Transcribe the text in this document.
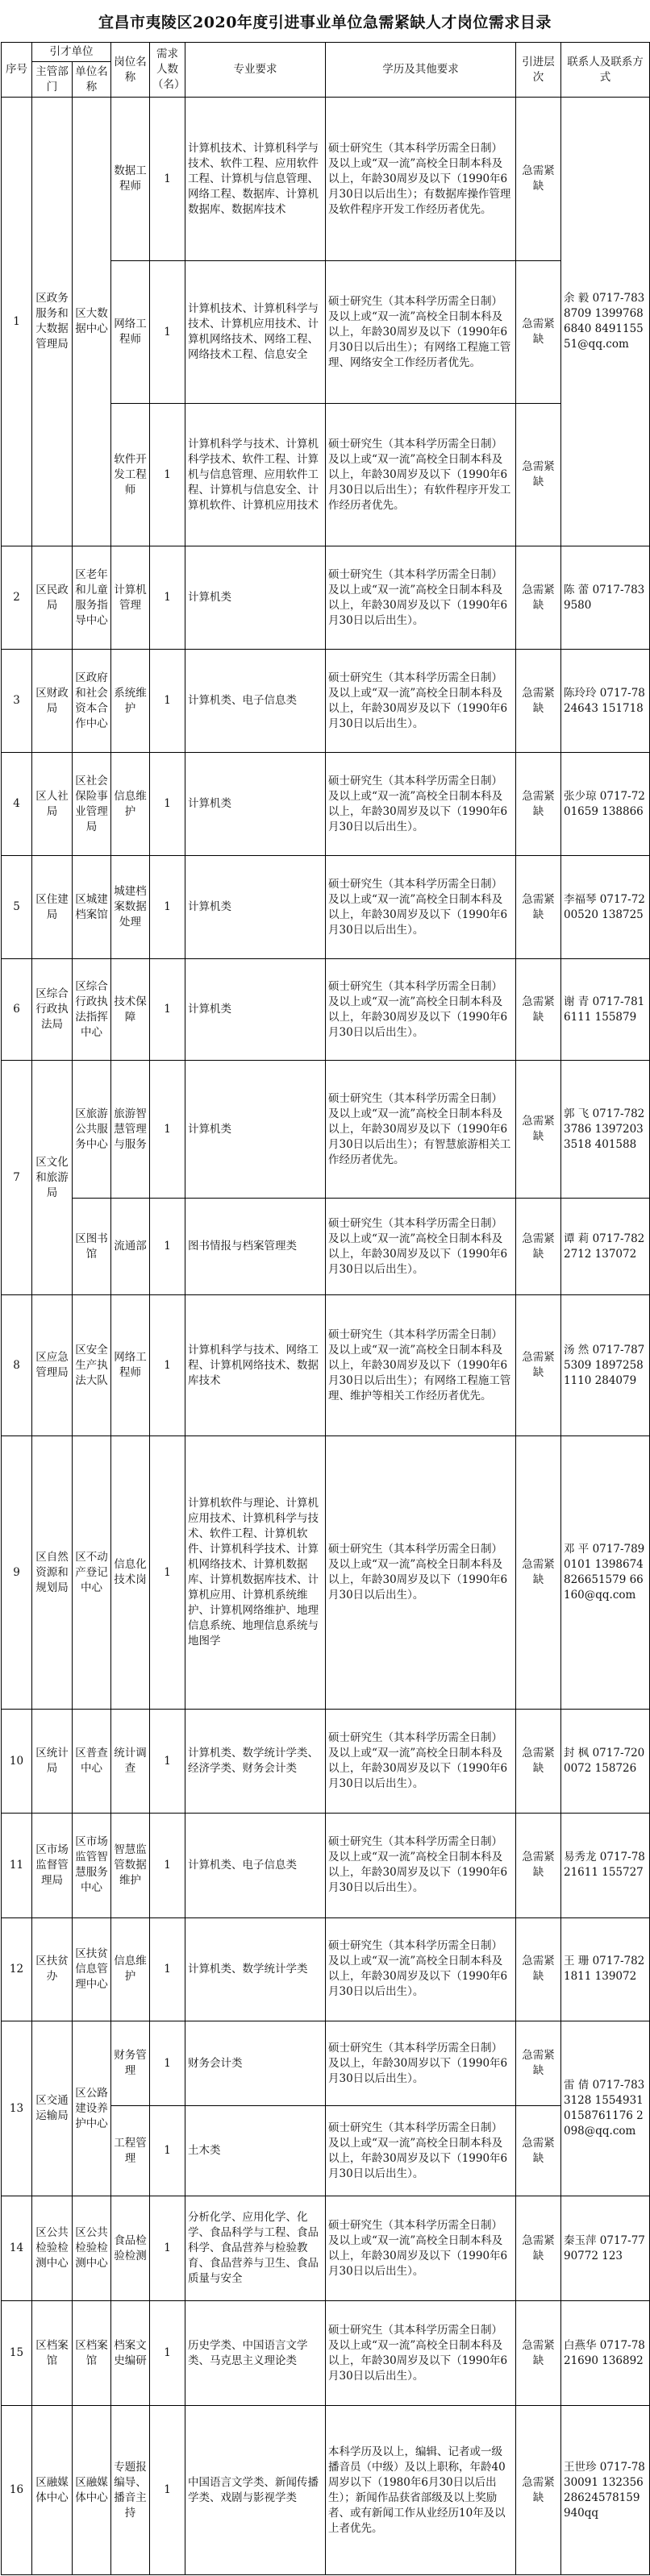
宜昌市夷陵区2020年度引进事业单位急需紧缺人才岗位需求目录
序号	引才单位		岗位名称	需求人数（名）	专业要求	学历及其他要求	引进层次	联系人及联系方式
	主管部门	单位名称						
1	区政务服务和大数据管理局	区大数据中心	数据工程师	1	计算机技术、计算机科学与技术、软件工程、应用软件工程、计算机与信息管理、网络工程、数据库、计算机数据库、数据库技术	硕士研究生（其本科学历需全日制）及以上或“双一流”高校全日制本科及以上，年龄30周岁及以下（1990年6月30日以后出生）；有数据库操作管理及软件程序开发工作经历者优先。	急需紧缺	余 毅 0717-7838709 13997686840 849115551@qq.com
			网络工程师	1	计算机技术、计算机科学与技术、计算机应用技术、计算机网络技术、网络工程、网络技术工程、信息安全	硕士研究生（其本科学历需全日制）及以上或“双一流”高校全日制本科及以上，年龄30周岁及以下（1990年6月30日以后出生）；有网络工程施工管理、网络安全工作经历者优先。	急需紧缺	
			软件开发工程师	1	计算机科学与技术、计算机科学技术、软件工程、计算机与信息管理、应用软件工程、计算机与信息安全、计算机软件、计算机应用技术	硕士研究生（其本科学历需全日制）及以上或“双一流”高校全日制本科及以上，年龄30周岁及以下（1990年6月30日以后出生）；有软件程序开发工作经历者优先。	急需紧缺	
2	区民政局	区老年和儿童服务指导中心	计算机管理	1	计算机类	硕士研究生（其本科学历需全日制）及以上或“双一流”高校全日制本科及以上，年龄30周岁及以下（1990年6月30日以后出生）。	急需紧缺	陈 蕾 0717-7839580
3	区财政局	区政府和社会资本合作中心	系统维护	1	计算机类、电子信息类	硕士研究生（其本科学历需全日制）及以上或“双一流”高校全日制本科及以上，年龄30周岁及以下（1990年6月30日以后出生）。	急需紧缺	陈玲玲 0717-7824643 151718
4	区人社局	区社会保险事业管理局	信息维护	1	计算机类	硕士研究生（其本科学历需全日制）及以上或“双一流”高校全日制本科及以上，年龄30周岁及以下（1990年6月30日以后出生）。	急需紧缺	张少琼 0717-7201659 138866
5	区住建局	区城建档案馆	城建档案数据处理	1	计算机类	硕士研究生（其本科学历需全日制）及以上或“双一流”高校全日制本科及以上，年龄30周岁及以下（1990年6月30日以后出生）。	急需紧缺	李福琴 0717-7200520 138725
6	区综合行政执法局	区综合行政执法指挥中心	技术保障	1	计算机类	硕士研究生（其本科学历需全日制）及以上或“双一流”高校全日制本科及以上，年龄30周岁及以下（1990年6月30日以后出生）。	急需紧缺	谢 青 0717-7816111 155879
7	区文化和旅游局	区旅游公共服务中心	旅游智慧管理与服务	1	计算机类	硕士研究生（其本科学历需全日制）及以上或“双一流”高校全日制本科及以上，年龄30周岁及以下（1990年6月30日以后出生）；有智慧旅游相关工作经历者优先。	急需紧缺	郭 飞 0717-7823786 13972033518 401588
		区图书馆	流通部	1	图书情报与档案管理类	硕士研究生（其本科学历需全日制）及以上或“双一流”高校全日制本科及以上，年龄30周岁及以下（1990年6月30日以后出生）。	急需紧缺	谭 莉 0717-7822712 137072
8	区应急管理局	区安全生产执法大队	网络工程师	1	计算机科学与技术、网络工程、计算机网络技术、数据库技术	硕士研究生（其本科学历需全日制）及以上或“双一流”高校全日制本科及以上，年龄30周岁及以下（1990年6月30日以后出生）；有网络工程施工管理、维护等相关工作经历者优先。	急需紧缺	汤 然 0717-7875309 18972581110 284079
9	区自然资源和规划局	区不动产登记中心	信息化技术岗	1	计算机软件与理论、计算机应用技术、计算机科学与技术、软件工程、计算机软件、计算机科学技术、计算机网络技术、计算机数据库、计算机数据库技术、计算机应用、计算机系统维护、计算机网络维护、地理信息系统、地理信息系统与地图学	硕士研究生（其本科学历需全日制）及以上或“双一流”高校全日制本科及以上，年龄30周岁及以下（1990年6月30日以后出生）。	急需紧缺	邓 平 0717-7890101 1398674826651579 66160@qq.com
10	区统计局	区普查中心	统计调查	1	计算机类、数学统计学类、经济学类、财务会计类	硕士研究生（其本科学历需全日制）及以上或“双一流”高校全日制本科及以上，年龄30周岁及以下（1990年6月30日以后出生）。	急需紧缺	封 枫 0717-7200072 158726
11	区市场监督管理局	区市场监管智慧服务中心	智慧监管数据维护	1	计算机类、电子信息类	硕士研究生（其本科学历需全日制）及以上或“双一流”高校全日制本科及以上，年龄30周岁及以下（1990年6月30日以后出生）。	急需紧缺	易秀龙 0717-7821611 155727
12	区扶贫办	区扶贫信息管理中心	信息维护	1	计算机类、数学统计学类	硕士研究生（其本科学历需全日制）及以上或“双一流”高校全日制本科及以上，年龄30周岁及以下（1990年6月30日以后出生）。	急需紧缺	王 珊 0717-7821811 139072
13	区交通运输局	区公路建设养护中心	财务管理	1	财务会计类	硕士研究生（其本科学历需全日制）及以上，年龄30周岁以下（1990年6月30日以后出生）。	急需紧缺	雷 倩 0717-7833128 15549310158761176 2098@qq.com
			工程管理	1	土木类	硕士研究生（其本科学历需全日制）及以上或“双一流”高校全日制本科及以上，年龄30周岁及以下（1990年6月30日以后出生）。	急需紧缺	
14	区公共检验检测中心	区公共检验检测中心	食品检验检测	1	分析化学、应用化学、化学、食品科学与工程、食品科学、食品营养与检验教育、食品营养与卫生、食品质量与安全	硕士研究生（其本科学历需全日制）及以上或“双一流”高校全日制本科及以上，年龄30周岁及以下（1990年6月30日以后出生）。	急需紧缺	秦玉萍 0717-7790772 123
15	区档案馆	区档案馆	档案文史编研	1	历史学类、中国语言文学类、马克思主义理论类	硕士研究生（其本科学历需全日制）及以上或“双一流”高校全日制本科及以上，年龄30周岁及以下（1990年6月30日以后出生）。	急需紧缺	白燕华 0717-7821690 136892
16	区融媒体中心	区融媒体中心	专题报编导、播音主持	1	中国语言文学类、新闻传播学类、戏剧与影视学类	本科学历及以上，编辑、记者或一级播音员（中级）及以上职称，年龄40周岁以下（1980年6月30日以后出生）；新闻作品获省部级及以上奖励者、或有新闻工作从业经历10年及以上者优先。	急需紧缺	王世珍 0717-7830091 13235628624578159940qq
